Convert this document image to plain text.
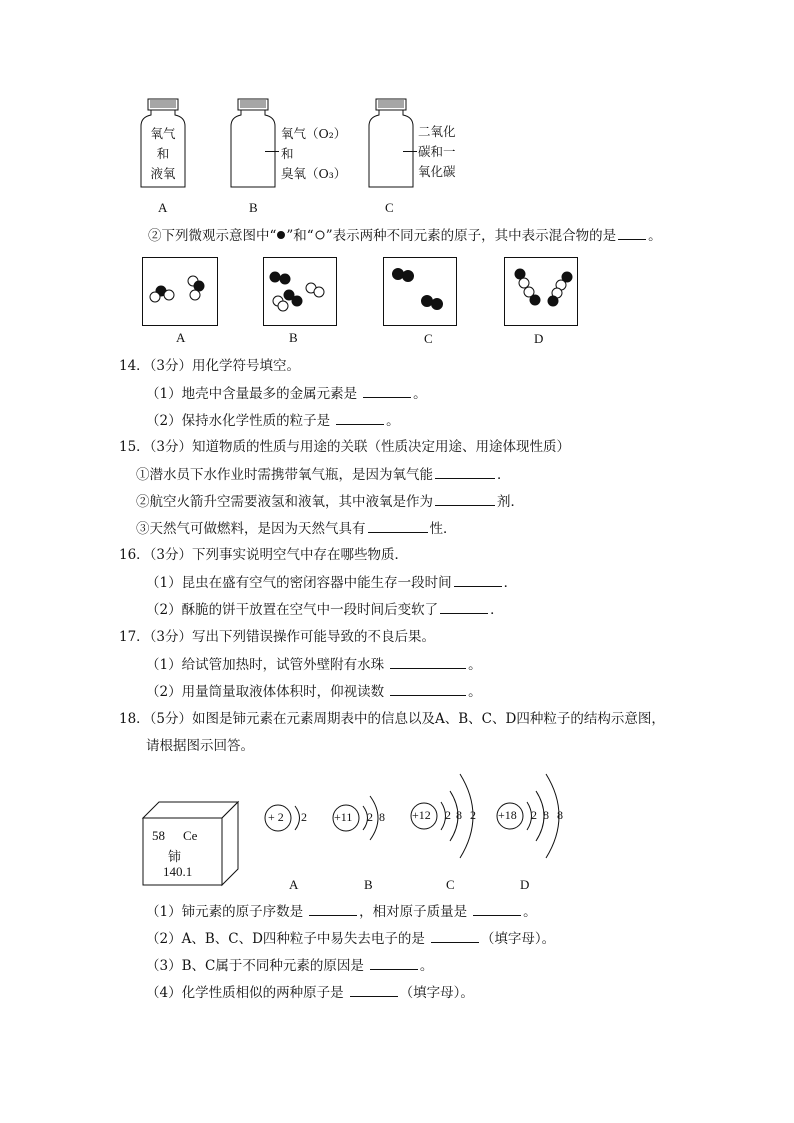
氧气
和
液氧
氧气（O₂）
和
臭氧（O₃）
二氧化
碳和一
氧化碳
A	B	C
②下列微观示意图中“ ”和“ ”表示两种不同元素的原子，其中表示混合物的是 。
A	B	C	D
14．（3分）用化学符号填空。
（1）地壳中含量最多的金属元素是	。
（2）保持水化学性质的粒子是	。
15．（3分）知道物质的性质与用途的关联（性质决定用途、用途体现性质）
①潜水员下水作业时需携带氧气瓶，是因为氧气能	．
②航空火箭升空需要液氢和液氧，其中液氧是作为	剂．
③天然气可做燃料，是因为天然气具有	性．
16．（3分）下列事实说明空气中存在哪些物质．
（1）昆虫在盛有空气的密闭容器中能生存一段时间	．
（2）酥脆的饼干放置在空气中一段时间后变软了	．
17．（3分）写出下列错误操作可能导致的不良后果。
（1）给试管加热时，试管外壁附有水珠	。
（2）用量筒量取液体体积时，仰视读数	。
18．（5分）如图是铈元素在元素周期表中的信息以及A、B、C、D四种粒子的结构示意图，
请根据图示回答。
58 Ce
铈
140.1
+ 2 2 +11 2 8 +12 2 8 2 +18 2 8 8
A	B	C	D
（1）铈元素的原子序数是	，相对原子质量是	。
（2）A、B、C、D四种粒子中易失去电子的是	（填字母）。
（3）B、C属于不同种元素的原因是	。
（4）化学性质相似的两种原子是	（填字母）。
